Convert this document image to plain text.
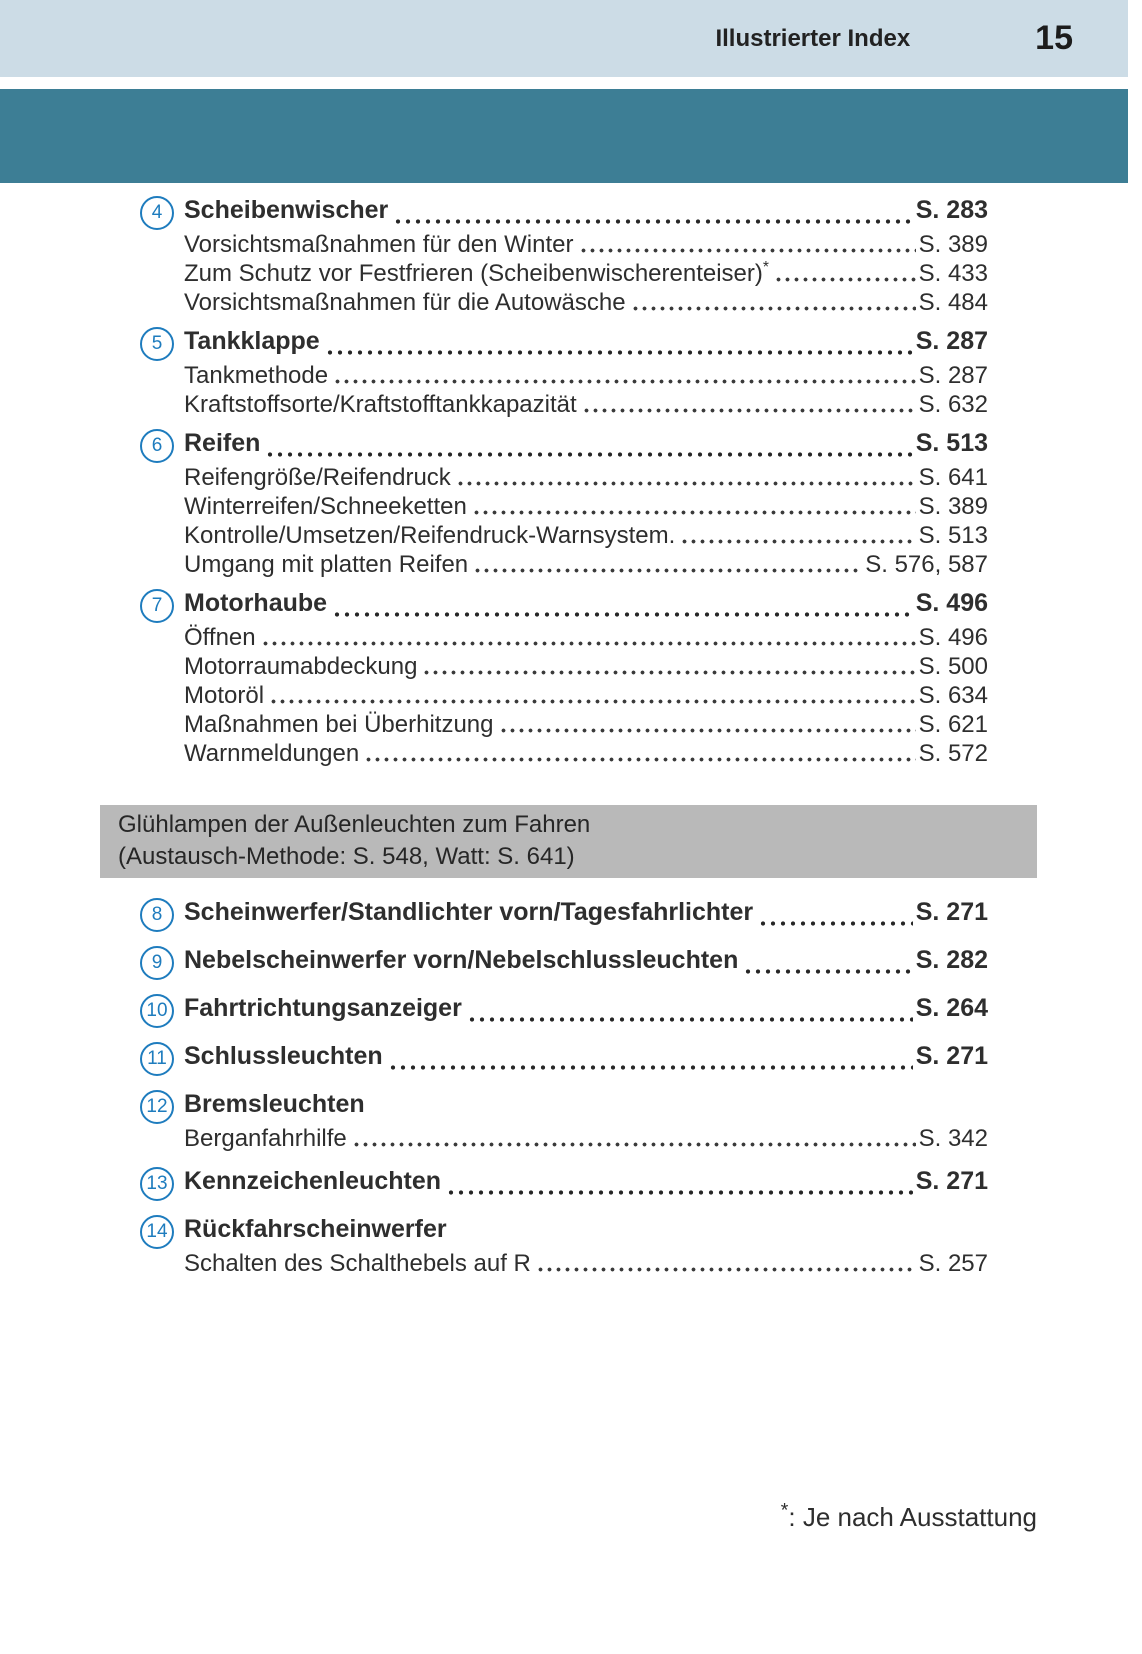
Illustrierter Index	15
4 Scheibenwischer	S. 283
Vorsichtsmaßnahmen für den Winter	S. 389
Zum Schutz vor Festfrieren (Scheibenwischerenteiser)*	S. 433
Vorsichtsmaßnahmen für die Autowäsche	S. 484
5 Tankklappe	S. 287
Tankmethode	S. 287
Kraftstoffsorte/Kraftstofftankkapazität	S. 632
6 Reifen	S. 513
Reifengröße/Reifendruck	S. 641
Winterreifen/Schneeketten	S. 389
Kontrolle/Umsetzen/Reifendruck-Warnsystem.	S. 513
Umgang mit platten Reifen	S. 576, 587
7 Motorhaube	S. 496
Öffnen	S. 496
Motorraumabdeckung	S. 500
Motoröl	S. 634
Maßnahmen bei Überhitzung	S. 621
Warnmeldungen	S. 572
Glühlampen der Außenleuchten zum Fahren
(Austausch-Methode: S. 548, Watt: S. 641)
8 Scheinwerfer/Standlichter vorn/Tagesfahrlichter	S. 271
9 Nebelscheinwerfer vorn/Nebelschlussleuchten	S. 282
10 Fahrtrichtungsanzeiger	S. 264
11 Schlussleuchten	S. 271
12 Bremsleuchten
Berganfahrhilfe	S. 342
13 Kennzeichenleuchten	S. 271
14 Rückfahrscheinwerfer
Schalten des Schalthebels auf R	S. 257
*: Je nach Ausstattung
